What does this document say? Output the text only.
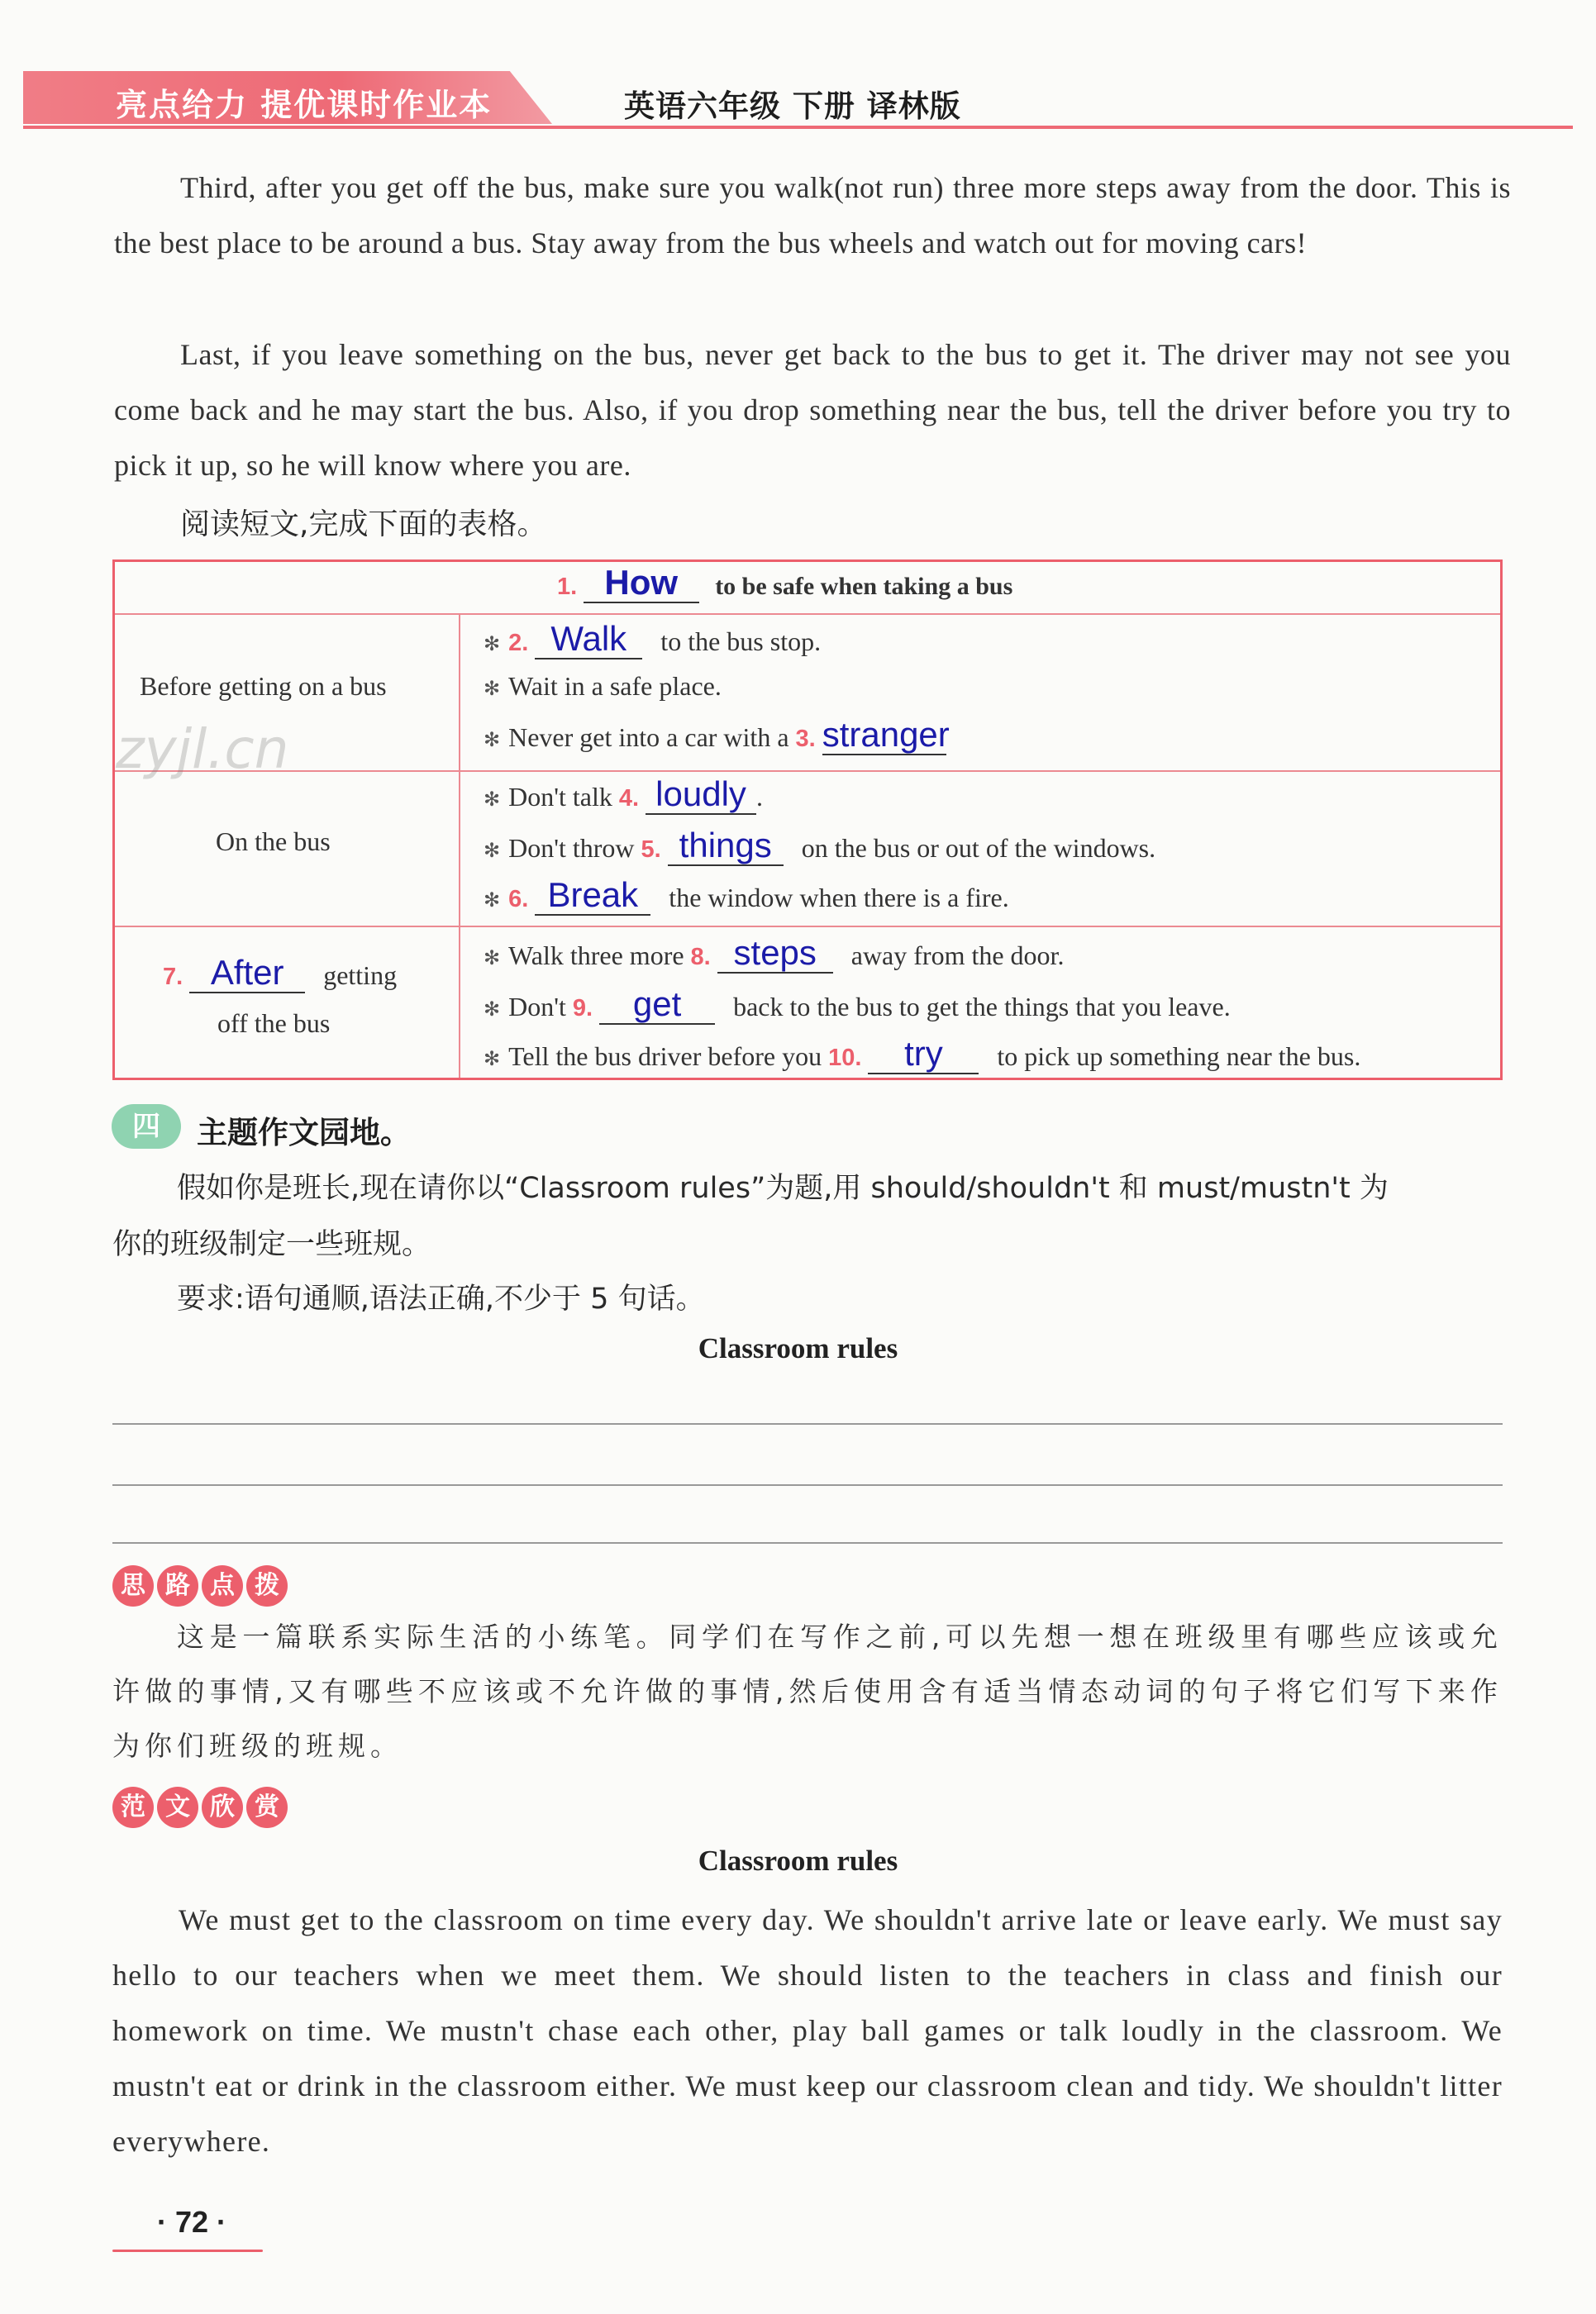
亮点给力 提优课时作业本	英语六年级 下册 译林版
Third, after you get off the bus, make sure you walk(not run) three more steps away from the door. This is the best place to be around a bus. Stay away from the bus wheels and watch out for moving cars!
Last, if you leave something on the bus, never get back to the bus to get it. The driver may not see you come back and he may start the bus. Also, if you drop something near the bus, tell the driver before you try to pick it up, so he will know where you are.
阅读短文,完成下面的表格。
1. How to be safe when taking a bus
Before getting on a bus
✻ 2. Walk to the bus stop.
✻ Wait in a safe place.
✻ Never get into a car with a 3. stranger
On the bus
✻ Don't talk 4. loudly .
✻ Don't throw 5. things on the bus or out of the windows.
✻ 6. Break the window when there is a fire.
7. After getting
off the bus
✻ Walk three more 8. steps away from the door.
✻ Don't 9. get back to the bus to get the things that you leave.
✻ Tell the bus driver before you 10. try to pick up something near the bus.
zyjl.cn
四	主题作文园地。
假如你是班长,现在请你以“Classroom rules”为题,用 should/shouldn't 和 must/mustn't 为
你的班级制定一些班规。
要求:语句通顺,语法正确,不少于 5 句话。
Classroom rules
思 路 点 拨
这是一篇联系实际生活的小练笔。同学们在写作之前,可以先想一想在班级里有哪些应该或允许做的事情,又有哪些不应该或不允许做的事情,然后使用含有适当情态动词的句子将它们写下来作为你们班级的班规。
范 文 欣 赏
Classroom rules
We must get to the classroom on time every day. We shouldn't arrive late or leave early. We must say hello to our teachers when we meet them. We should listen to the teachers in class and finish our homework on time. We mustn't chase each other, play ball games or talk loudly in the classroom. We mustn't eat or drink in the classroom either. We must keep our classroom clean and tidy. We shouldn't litter everywhere.
· 72 ·
